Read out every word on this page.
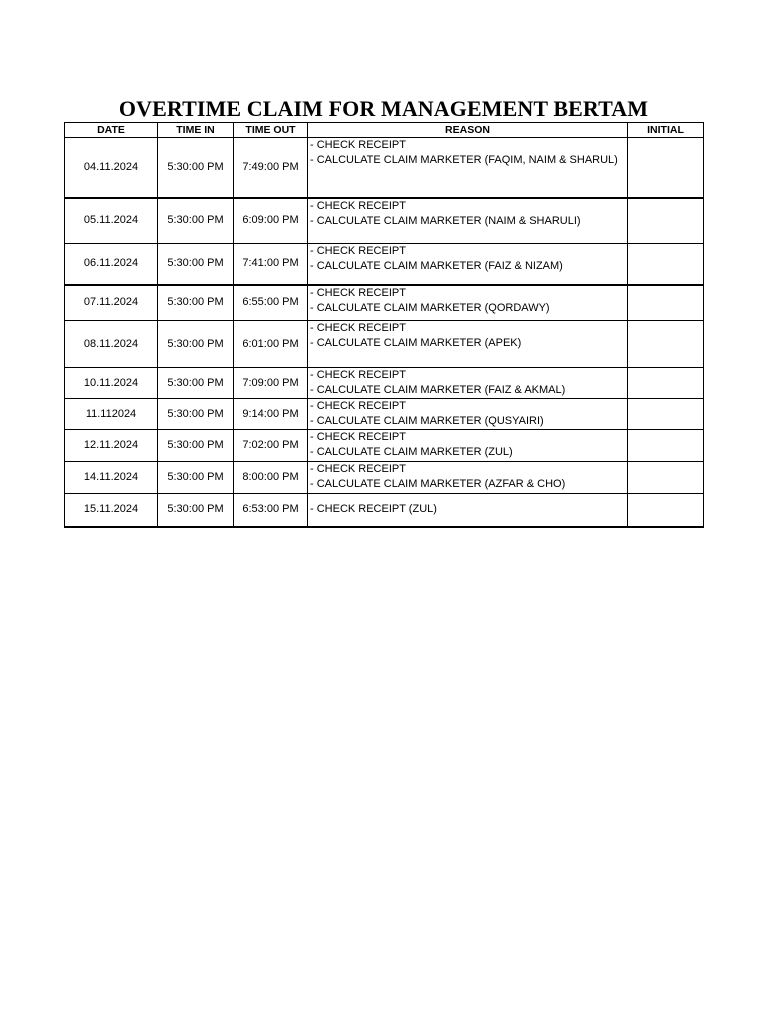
OVERTIME CLAIM FOR MANAGEMENT BERTAM
DATE	TIME IN	TIME OUT	REASON	INITIAL
04.11.2024	5:30:00 PM	7:49:00 PM	- CHECK RECEIPT
- CALCULATE CLAIM MARKETER (FAQIM, NAIM & SHARUL)	

05.11.2024	5:30:00 PM	6:09:00 PM	- CHECK RECEIPT
- CALCULATE CLAIM MARKETER (NAIM & SHARULI)	

06.11.2024	5:30:00 PM	7:41:00 PM	- CHECK RECEIPT
- CALCULATE CLAIM MARKETER (FAIZ & NIZAM)	

07.11.2024	5:30:00 PM	6:55:00 PM	- CHECK RECEIPT
- CALCULATE CLAIM MARKETER (QORDAWY)	

08.11.2024	5:30:00 PM	6:01:00 PM	- CHECK RECEIPT
- CALCULATE CLAIM MARKETER (APEK)	

10.11.2024	5:30:00 PM	7:09:00 PM	- CHECK RECEIPT
- CALCULATE CLAIM MARKETER (FAIZ & AKMAL)	

11.112024	5:30:00 PM	9:14:00 PM	- CHECK RECEIPT
- CALCULATE CLAIM MARKETER (QUSYAIRI)	

12.11.2024	5:30:00 PM	7:02:00 PM	- CHECK RECEIPT
- CALCULATE CLAIM MARKETER (ZUL)	

14.11.2024	5:30:00 PM	8:00:00 PM	- CHECK RECEIPT
- CALCULATE CLAIM MARKETER (AZFAR & CHO)	

15.11.2024	5:30:00 PM	6:53:00 PM	- CHECK RECEIPT (ZUL)	
